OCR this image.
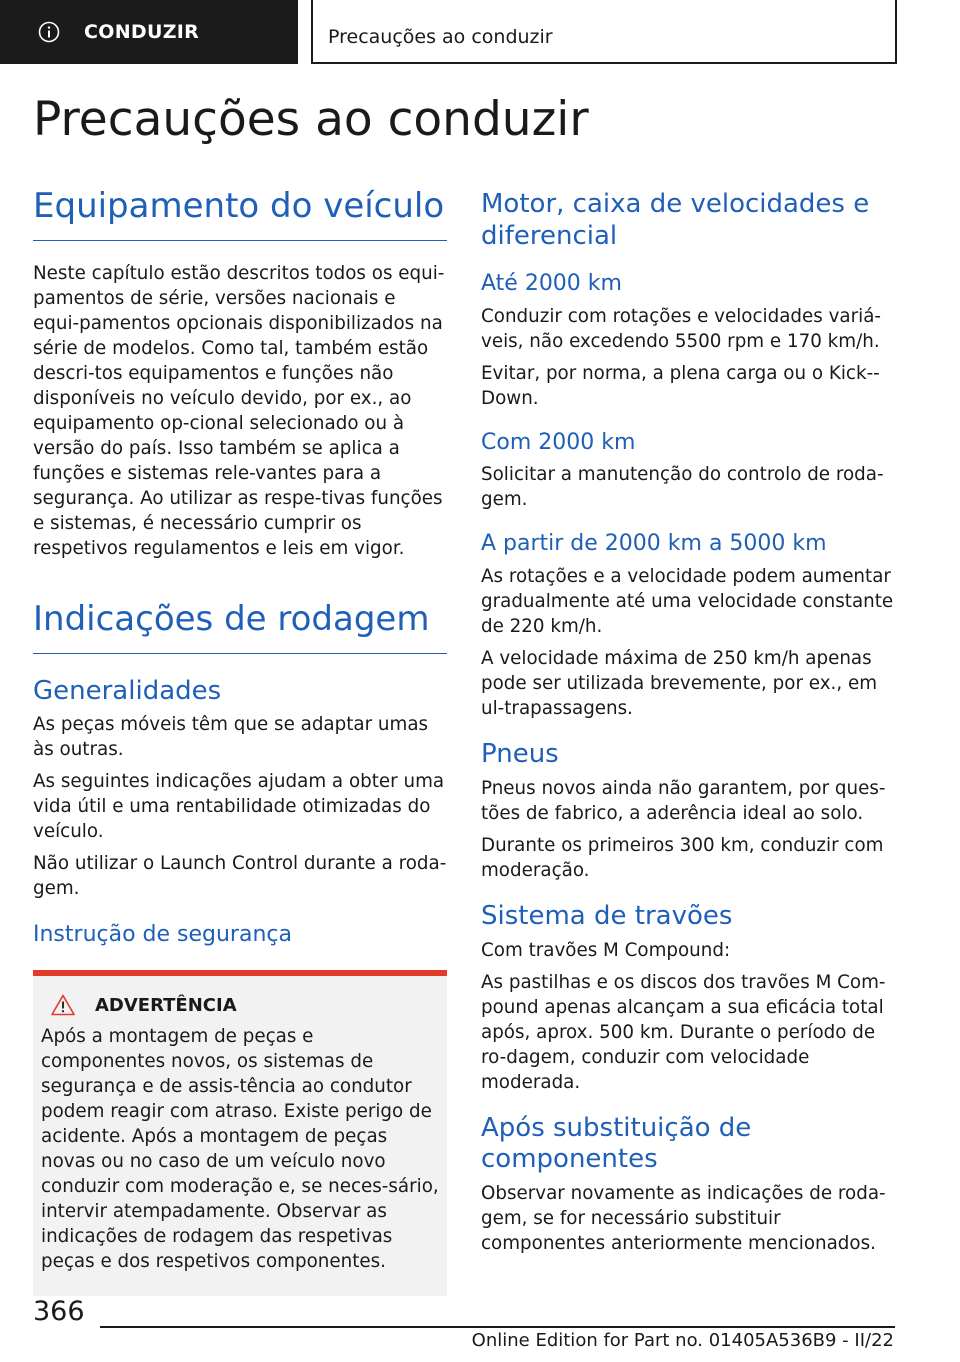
CONDUZIR	Precauções ao conduzir
Precauções ao conduzir
Equipamento do veículo

Neste capítulo estão descritos todos os equi-pamentos de série, versões nacionais e equi-pamentos opcionais disponibilizados na série de modelos. Como tal, também estão descri-tos equipamentos e funções não disponíveis no veículo devido, por ex., ao equipamento op-cional selecionado ou à versão do país. Isso também se aplica a funções e sistemas rele-vantes para a segurança. Ao utilizar as respe-tivas funções e sistemas, é necessário cumprir os respetivos regulamentos e leis em vigor.

Indicações de rodagem
Generalidades

As peças móveis têm que se adaptar umas às outras.

As seguintes indicações ajudam a obter uma vida útil e uma rentabilidade otimizadas do veículo.

Não utilizar o Launch Control durante a roda-gem.

Instrução de segurança
ADVERTÊNCIA

Após a montagem de peças e componentes novos, os sistemas de segurança e de assis-tência ao condutor podem reagir com atraso. Existe perigo de acidente. Após a montagem de peças novas ou no caso de um veículo novo conduzir com moderação e, se neces-sário, intervir atempadamente. Observar as indicações de rodagem das respetivas peças e dos respetivos componentes.

Motor, caixa de velocidades e diferencial
Até 2000 km

Conduzir com rotações e velocidades variá-veis, não excedendo 5500 rpm e 170 km/h.

Evitar, por norma, a plena carga ou o Kick--Down.

Com 2000 km

Solicitar a manutenção do controlo de roda-gem.

A partir de 2000 km a 5000 km

As rotações e a velocidade podem aumentar gradualmente até uma velocidade constante de 220 km/h.

A velocidade máxima de 250 km/h apenas pode ser utilizada brevemente, por ex., em ul-trapassagens.

Pneus

Pneus novos ainda não garantem, por ques-tões de fabrico, a aderência ideal ao solo.

Durante os primeiros 300 km, conduzir com moderação.

Sistema de travões

Com travões M Compound:

As pastilhas e os discos dos travões M Com-pound apenas alcançam a sua eficácia total após, aprox. 500 km. Durante o período de ro-dagem, conduzir com velocidade moderada.

Após substituição de componentes

Observar novamente as indicações de roda-gem, se for necessário substituir componentes anteriormente mencionados.

366
Online Edition for Part no. 01405A536B9 - II/22
